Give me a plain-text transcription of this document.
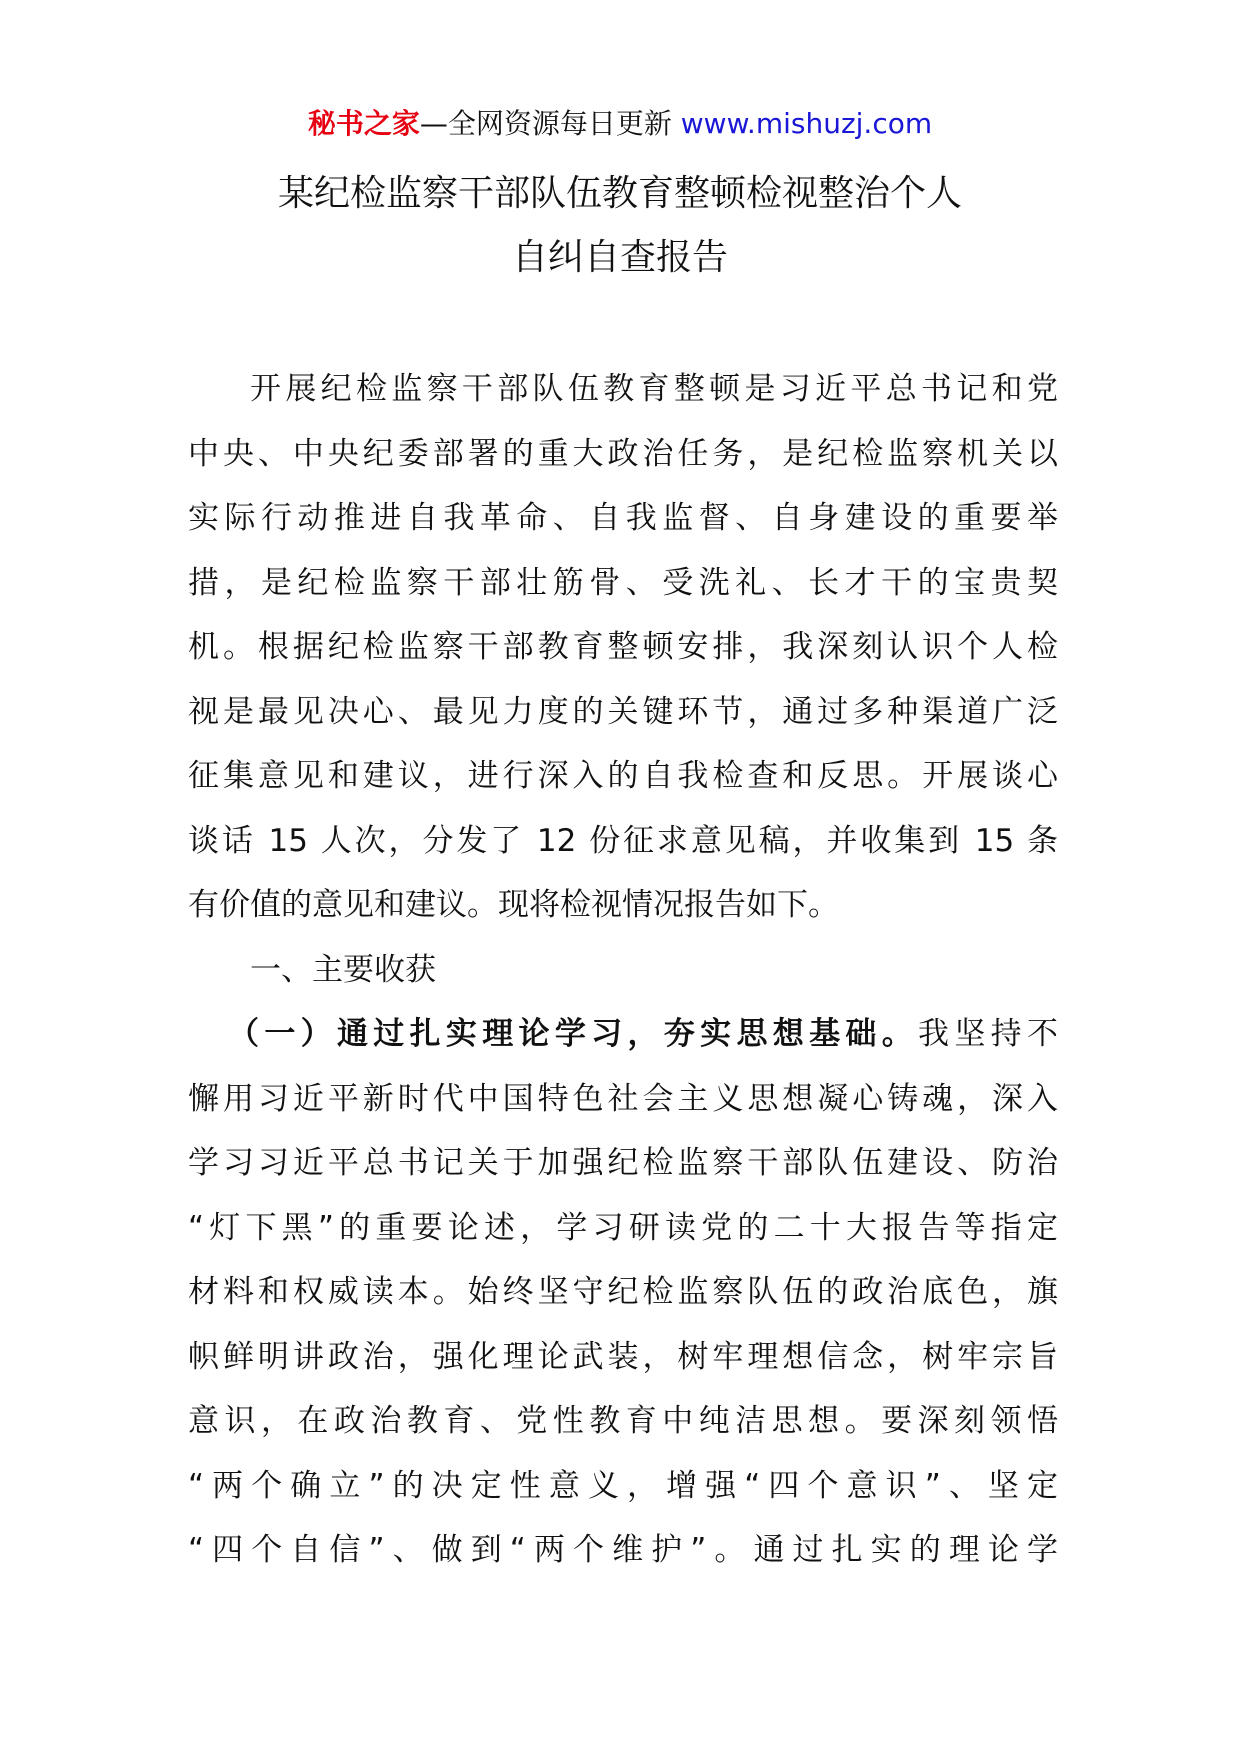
秘书之家—全网资源每日更新 www.mishuzj.com
某纪检监察干部队伍教育整顿检视整治个人
自纠自查报告
开展纪检监察干部队伍教育整顿是习近平总书记和党
中央、中央纪委部署的重大政治任务，是纪检监察机关以
实际行动推进自我革命、自我监督、自身建设的重要举
措，是纪检监察干部壮筋骨、受洗礼、长才干的宝贵契
机。根据纪检监察干部教育整顿安排，我深刻认识个人检
视是最见决心、最见力度的关键环节，通过多种渠道广泛
征集意见和建议，进行深入的自我检查和反思。开展谈心
谈话 15 人次，分发了 12 份征求意见稿，并收集到 15 条
有价值的意见和建议。现将检视情况报告如下。
一、主要收获
（一）通过扎实理论学习，夯实思想基础。我坚持不
懈用习近平新时代中国特色社会主义思想凝心铸魂，深入
学习习近平总书记关于加强纪检监察干部队伍建设、防治
“灯下黑”的重要论述，学习研读党的二十大报告等指定
材料和权威读本。始终坚守纪检监察队伍的政治底色，旗
帜鲜明讲政治，强化理论武装，树牢理想信念，树牢宗旨
意识，在政治教育、党性教育中纯洁思想。要深刻领悟
“两个确立”的决定性意义，增强“四个意识”、坚定
“四个自信”、做到“两个维护”。通过扎实的理论学
